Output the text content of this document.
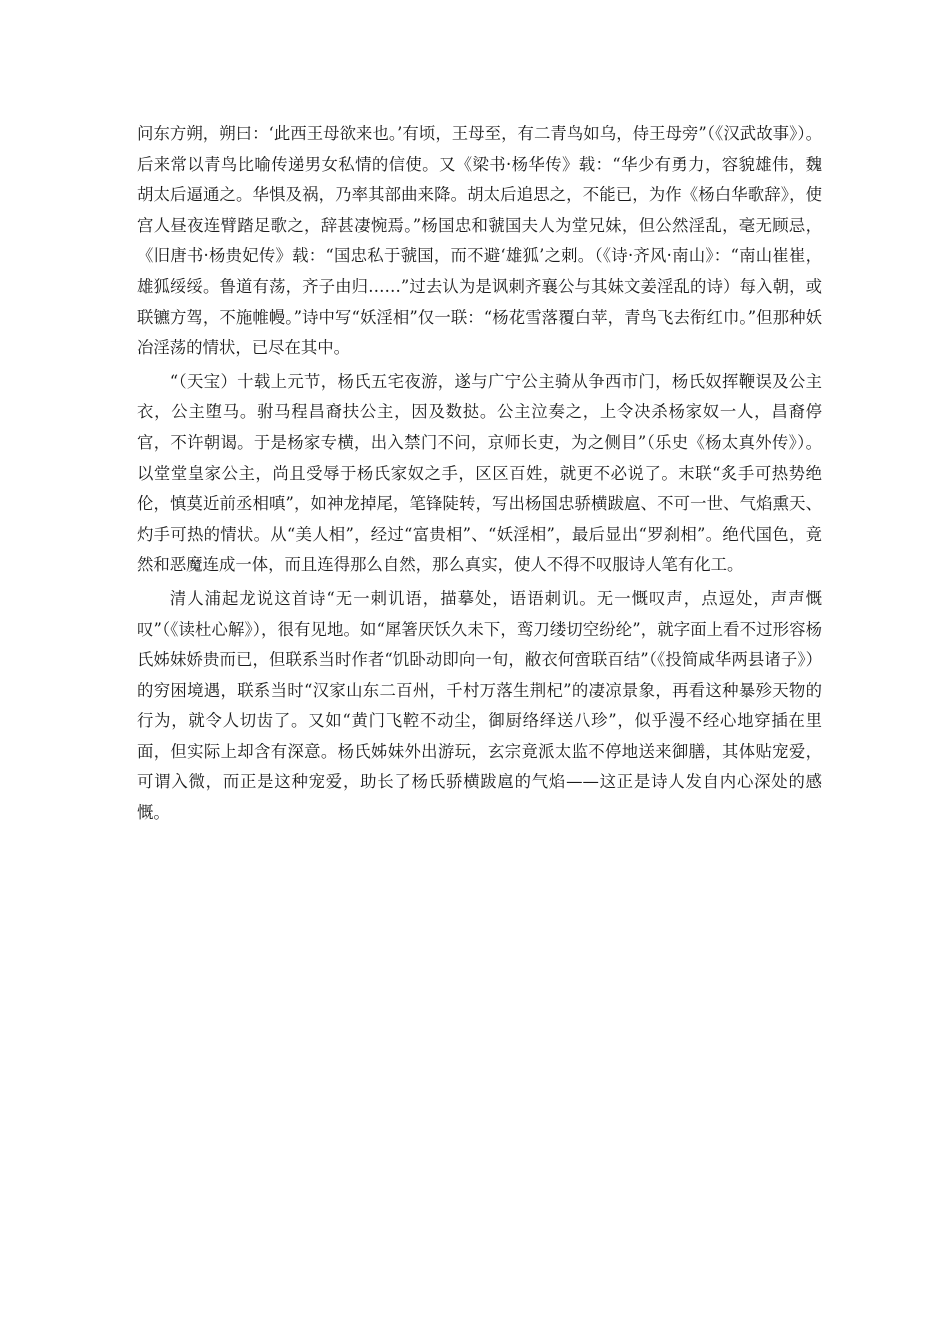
问东方朔，朔曰：‘此西王母欲来也。’有顷，王母至，有二青鸟如乌，侍王母旁”（《汉武故事》）。后来常以青鸟比喻传递男女私情的信使。又《梁书·杨华传》载：“华少有勇力，容貌雄伟，魏胡太后逼通之。华惧及祸，乃率其部曲来降。胡太后追思之，不能已，为作《杨白华歌辞》，使宫人昼夜连臂踏足歌之，辞甚凄惋焉。”杨国忠和虢国夫人为堂兄妹，但公然淫乱，毫无顾忌，《旧唐书·杨贵妃传》载：“国忠私于虢国，而不避‘雄狐’之刺。（《诗·齐风·南山》：“南山崔崔，雄狐绥绥。鲁道有荡，齐子由归……”过去认为是讽刺齐襄公与其妹文姜淫乱的诗）每入朝，或联镳方驾，不施帷幔。”诗中写“妖淫相”仅一联：“杨花雪落覆白苹，青鸟飞去衔红巾。”但那种妖冶淫荡的情状，已尽在其中。

“（天宝）十载上元节，杨氏五宅夜游，遂与广宁公主骑从争西市门，杨氏奴挥鞭误及公主衣，公主堕马。驸马程昌裔扶公主，因及数挞。公主泣奏之，上令决杀杨家奴一人，昌裔停官，不许朝谒。于是杨家专横，出入禁门不问，京师长吏，为之侧目”（乐史《杨太真外传》）。以堂堂皇家公主，尚且受辱于杨氏家奴之手，区区百姓，就更不必说了。末联“炙手可热势绝伦，慎莫近前丞相嗔”，如神龙掉尾，笔锋陡转，写出杨国忠骄横跋扈、不可一世、气焰熏天、灼手可热的情状。从“美人相”，经过“富贵相”、“妖淫相”，最后显出“罗刹相”。绝代国色，竟然和恶魔连成一体，而且连得那么自然，那么真实，使人不得不叹服诗人笔有化工。

清人浦起龙说这首诗“无一刺讥语，描摹处，语语刺讥。无一慨叹声，点逗处，声声慨叹”（《读杜心解》），很有见地。如“犀箸厌饫久未下，鸾刀缕切空纷纶”，就字面上看不过形容杨氏姊妹娇贵而已，但联系当时作者“饥卧动即向一旬，敝衣何啻联百结”（《投简咸华两县诸子》）的穷困境遇，联系当时“汉家山东二百州，千村万落生荆杞”的凄凉景象，再看这种暴殄天物的行为，就令人切齿了。又如“黄门飞鞚不动尘，御厨络绎送八珍”，似乎漫不经心地穿插在里面，但实际上却含有深意。杨氏姊妹外出游玩，玄宗竟派太监不停地送来御膳，其体贴宠爱，可谓入微，而正是这种宠爱，助长了杨氏骄横跋扈的气焰——这正是诗人发自内心深处的感慨。
